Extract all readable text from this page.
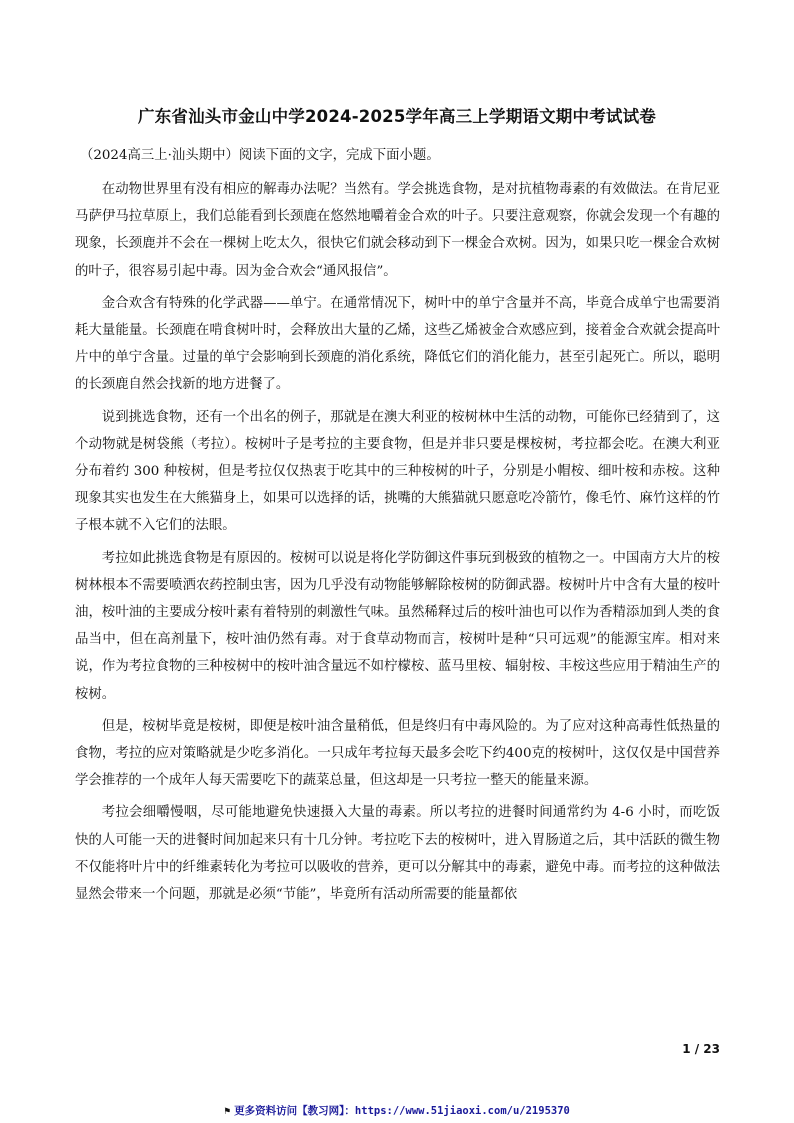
广东省汕头市金山中学2024-2025学年高三上学期语文期中考试试卷
（2024高三上·汕头期中）阅读下面的文字，完成下面小题。

在动物世界里有没有相应的解毒办法呢？当然有。学会挑选食物，是对抗植物毒素的有效做法。在肯尼亚马萨伊马拉草原上，我们总能看到长颈鹿在悠然地嚼着金合欢的叶子。只要注意观察，你就会发现一个有趣的现象，长颈鹿并不会在一棵树上吃太久，很快它们就会移动到下一棵金合欢树。因为，如果只吃一棵金合欢树的叶子，很容易引起中毒。因为金合欢会“通风报信”。

金合欢含有特殊的化学武器——单宁。在通常情况下，树叶中的单宁含量并不高，毕竟合成单宁也需要消耗大量能量。长颈鹿在啃食树叶时，会释放出大量的乙烯，这些乙烯被金合欢感应到，接着金合欢就会提高叶片中的单宁含量。过量的单宁会影响到长颈鹿的消化系统，降低它们的消化能力，甚至引起死亡。所以，聪明的长颈鹿自然会找新的地方进餐了。

说到挑选食物，还有一个出名的例子，那就是在澳大利亚的桉树林中生活的动物，可能你已经猜到了，这个动物就是树袋熊（考拉）。桉树叶子是考拉的主要食物，但是并非只要是棵桉树，考拉都会吃。在澳大利亚分布着约 300 种桉树，但是考拉仅仅热衷于吃其中的三种桉树的叶子，分别是小帽桉、细叶桉和赤桉。这种现象其实也发生在大熊猫身上，如果可以选择的话，挑嘴的大熊猫就只愿意吃冷箭竹，像毛竹、麻竹这样的竹子根本就不入它们的法眼。

考拉如此挑选食物是有原因的。桉树可以说是将化学防御这件事玩到极致的植物之一。中国南方大片的桉树林根本不需要喷洒农药控制虫害，因为几乎没有动物能够解除桉树的防御武器。桉树叶片中含有大量的桉叶油，桉叶油的主要成分桉叶素有着特别的刺激性气味。虽然稀释过后的桉叶油也可以作为香精添加到人类的食品当中，但在高剂量下，桉叶油仍然有毒。对于食草动物而言，桉树叶是种“只可远观”的能源宝库。相对来说，作为考拉食物的三种桉树中的桉叶油含量远不如柠檬桉、蓝马里桉、辐射桉、丰桉这些应用于精油生产的桉树。

但是，桉树毕竟是桉树，即便是桉叶油含量稍低，但是终归有中毒风险的。为了应对这种高毒性低热量的食物，考拉的应对策略就是少吃多消化。一只成年考拉每天最多会吃下约400克的桉树叶，这仅仅是中国营养学会推荐的一个成年人每天需要吃下的蔬菜总量，但这却是一只考拉一整天的能量来源。

考拉会细嚼慢咽，尽可能地避免快速摄入大量的毒素。所以考拉的进餐时间通常约为 4-6 小时，而吃饭快的人可能一天的进餐时间加起来只有十几分钟。考拉吃下去的桉树叶，进入胃肠道之后，其中活跃的微生物不仅能将叶片中的纤维素转化为考拉可以吸收的营养，更可以分解其中的毒素，避免中毒。而考拉的这种做法显然会带来一个问题，那就是必须“节能”，毕竟所有活动所需要的能量都依

1 / 23
⚑ 更多资料访问【教习网】：https://www.51jiaoxi.com/u/2195370
